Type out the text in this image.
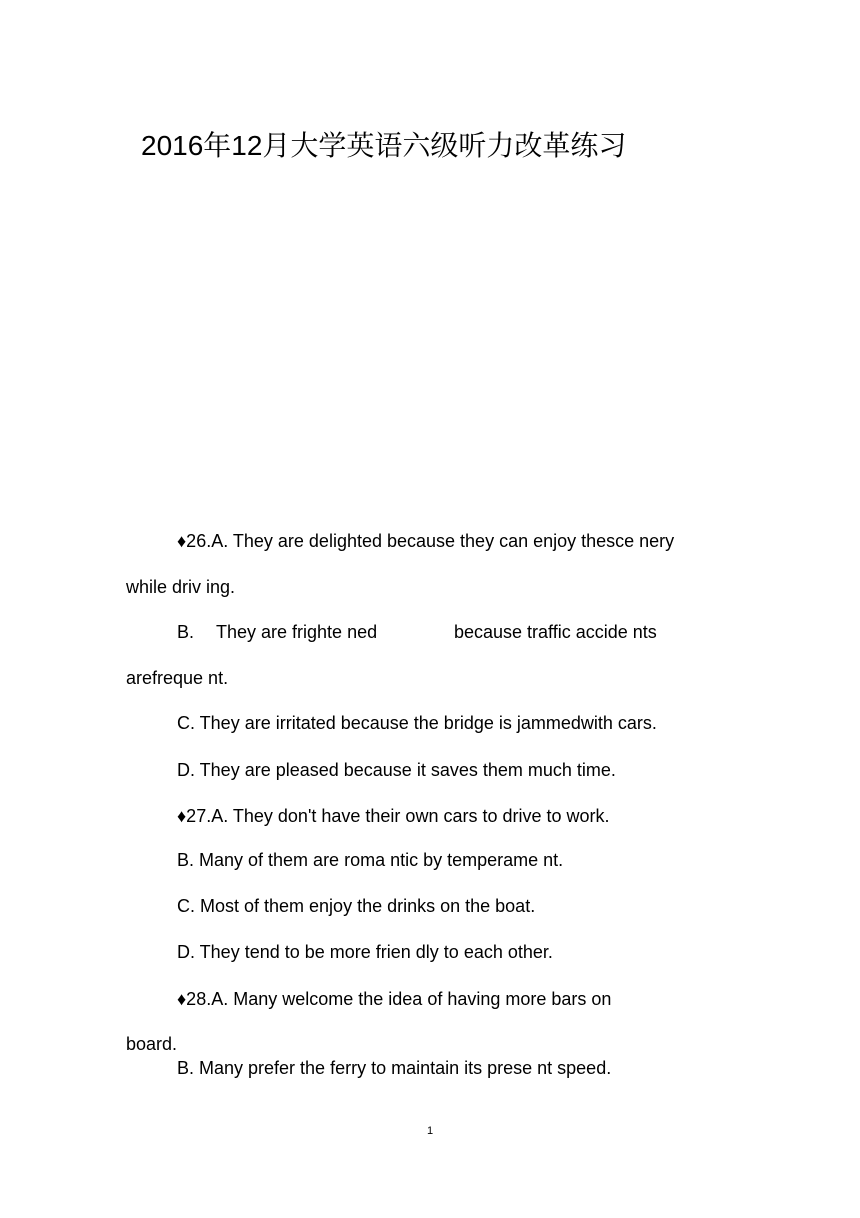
2016年12月大学英语六级听力改革练习
♦26.A. They are delighted because they can enjoy thesce nery
while driv ing.
B. They are frighte ned	because traffic accide nts
arefreque nt.
C. They are irritated because the bridge is jammedwith cars.
D. They are pleased because it saves them much time.
♦27.A. They don't have their own cars to drive to work.
B. Many of them are roma ntic by temperame nt.
C. Most of them enjoy the drinks on the boat.
D. They tend to be more frien dly to each other.
♦28.A. Many welcome the idea of having more bars on
board.
B. Many prefer the ferry to maintain its prese nt speed.
1
